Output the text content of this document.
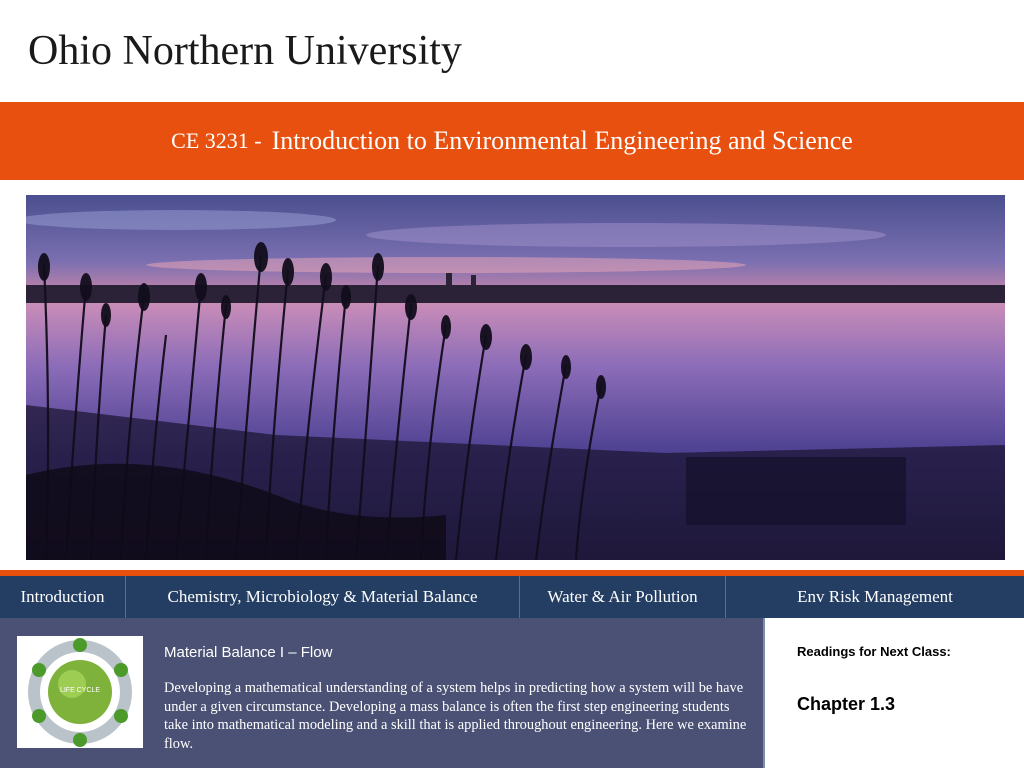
Ohio Northern University
CE 3231 - Introduction to Environmental Engineering and Science
Introduction	Chemistry, Microbiology & Material Balance	Water & Air Pollution	Env Risk Management
LIFE CYCLE
Material Balance I – Flow
Developing a mathematical understanding of a system helps in predicting how a system will be have under a given circumstance. Developing a mass balance is often the first step engineering students take into mathematical modeling and a skill that is applied throughout engineering. Here we examine flow.
Readings for Next Class:
Chapter 1.3
